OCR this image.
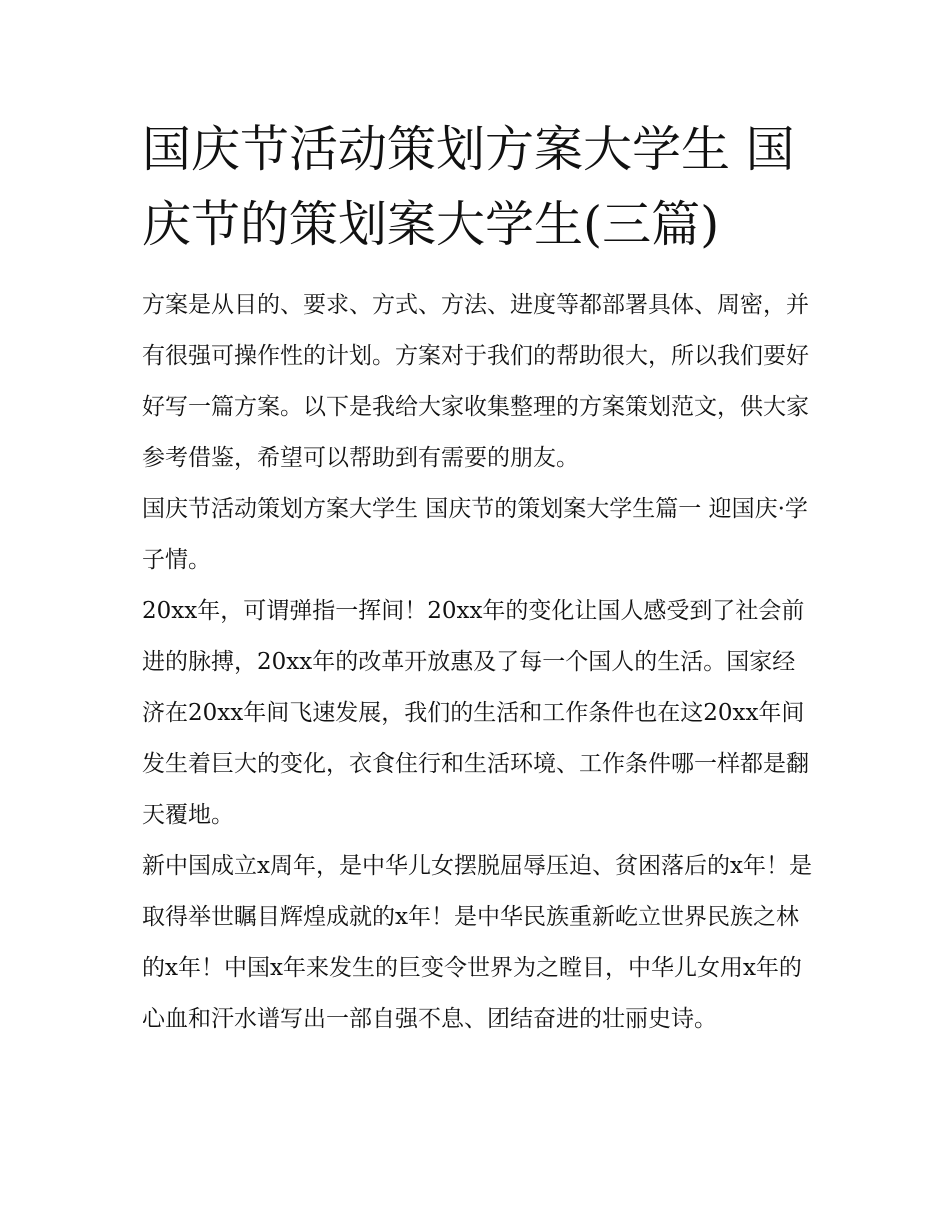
国庆节活动策划方案大学生 国庆节的策划案大学生(三篇)

方案是从目的、要求、方式、方法、进度等都部署具体、周密，并有很强可操作性的计划。方案对于我们的帮助很大，所以我们要好好写一篇方案。以下是我给大家收集整理的方案策划范文，供大家参考借鉴，希望可以帮助到有需要的朋友。

国庆节活动策划方案大学生 国庆节的策划案大学生篇一 迎国庆·学子情。

20xx年，可谓弹指一挥间！20xx年的变化让国人感受到了社会前进的脉搏，20xx年的改革开放惠及了每一个国人的生活。国家经济在20xx年间飞速发展，我们的生活和工作条件也在这20xx年间发生着巨大的变化，衣食住行和生活环境、工作条件哪一样都是翻天覆地。

新中国成立x周年，是中华儿女摆脱屈辱压迫、贫困落后的x年！是取得举世瞩目辉煌成就的x年！是中华民族重新屹立世界民族之林的x年！中国x年来发生的巨变令世界为之瞠目，中华儿女用x年的心血和汗水谱写出一部自强不息、团结奋进的壮丽史诗。
